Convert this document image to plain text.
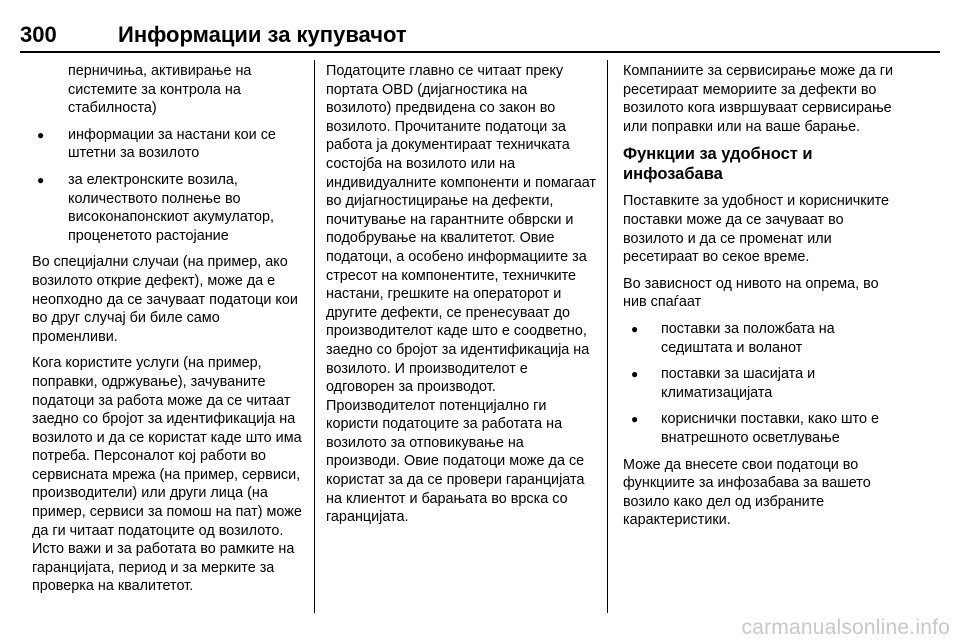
300	Информации за купувачот
перничиња, активирање на системите за контрола на стабилноста)
● информации за настани кои се штетни за возилото
● за електронските возила, количеството полнење во високонапонскиот акумулатор, проценетото растојание

Во специјални случаи (на пример, ако возилото открие дефект), може да е неопходно да се зачуваат податоци кои во друг случај би биле само променливи.

Кога користите услуги (на пример, поправки, одржување), зачуваните податоци за работа може да се читаат заедно со бројот за идентификација на возилото и да се користат каде што има потреба. Персоналот кој работи во сервисната мрежа (на пример, сервиси, производители) или други лица (на пример, сервиси за помош на пат) може да ги читаат податоците од возилото. Исто важи и за работата во рамките на гаранцијата, период и за мерките за проверка на квалитетот.

Податоците главно се читаат преку портата OBD (дијагностика на возилото) предвидена со закон во возилото. Прочитаните податоци за работа ја документираат техничката состојба на возилото или на индивидуалните компоненти и помагаат во дијагностицирање на дефекти, почитување на гарантните обврски и подобрување на квалитетот. Овие податоци, а особено информациите за стресот на компонентите, техничките настани, грешките на операторот и другите дефекти, се пренесуваат до производителот каде што е соодветно, заедно со бројот за идентификација на возилото. И производителот е одговорен за производот. Производителот потенцијално ги користи податоците за работата на возилото за отповикување на производи. Овие податоци може да се користат за да се провери гаранцијата на клиентот и барањата во врска со гаранцијата.

Компаниите за сервисирање може да ги ресетираат мемориите за дефекти во возилото кога извршуваат сервисирање или поправки или на ваше барање.

Функции за удобност и инфозабава

Поставките за удобност и корисничките поставки може да се зачуваат во возилото и да се променат или ресетираат во секое време.

Во зависност од нивото на опрема, во нив спаѓаат

● поставки за положбата на седиштата и воланот
● поставки за шасијата и климатизацијата
● кориснички поставки, како што е внатрешното осветлување

Може да внесете свои податоци во функциите за инфозабава за вашето возило како дел од избраните карактеристики.

carmanualsonline.info
